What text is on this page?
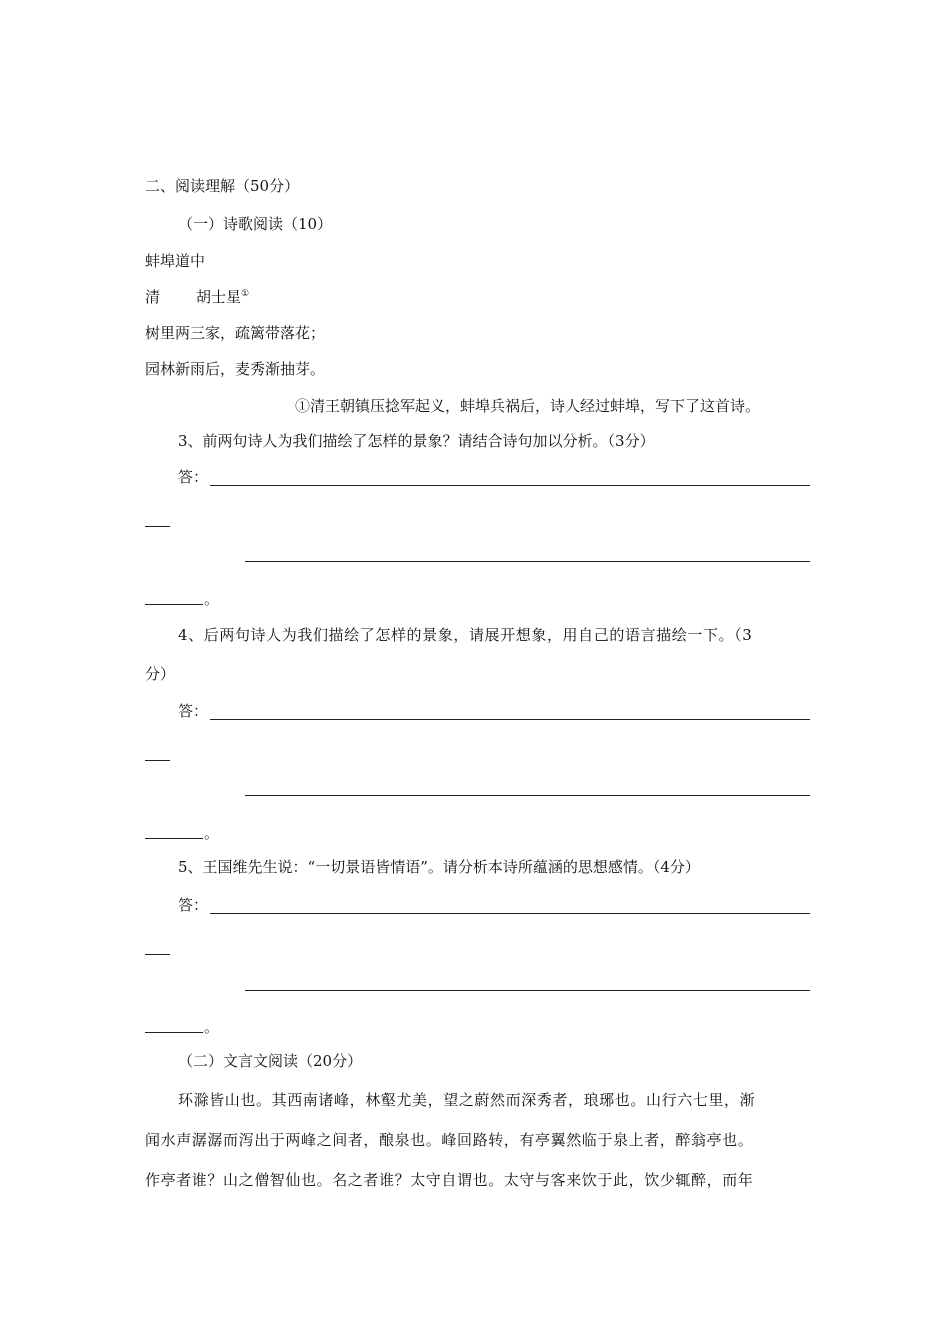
二、阅读理解（50分）
（一）诗歌阅读（10）
蚌埠道中
清 胡士星①
树里两三家，疏篱带落花；
园林新雨后，麦秀渐抽芽。
①清王朝镇压捻军起义，蚌埠兵祸后，诗人经过蚌埠，写下了这首诗。
3、前两句诗人为我们描绘了怎样的景象？请结合诗句加以分析。（3分）
答：
。
4、后两句诗人为我们描绘了怎样的景象，请展开想象，用自己的语言描绘一下。（3
分）
答：
。
5、王国维先生说：“一切景语皆情语”。请分析本诗所蕴涵的思想感情。（4分）
答：
。
（二）文言文阅读（20分）
环滁皆山也。其西南诸峰，林壑尤美，望之蔚然而深秀者，琅琊也。山行六七里，渐
闻水声潺潺而泻出于两峰之间者，酿泉也。峰回路转，有亭翼然临于泉上者，醉翁亭也。
作亭者谁？山之僧智仙也。名之者谁？太守自谓也。太守与客来饮于此，饮少辄醉，而年
